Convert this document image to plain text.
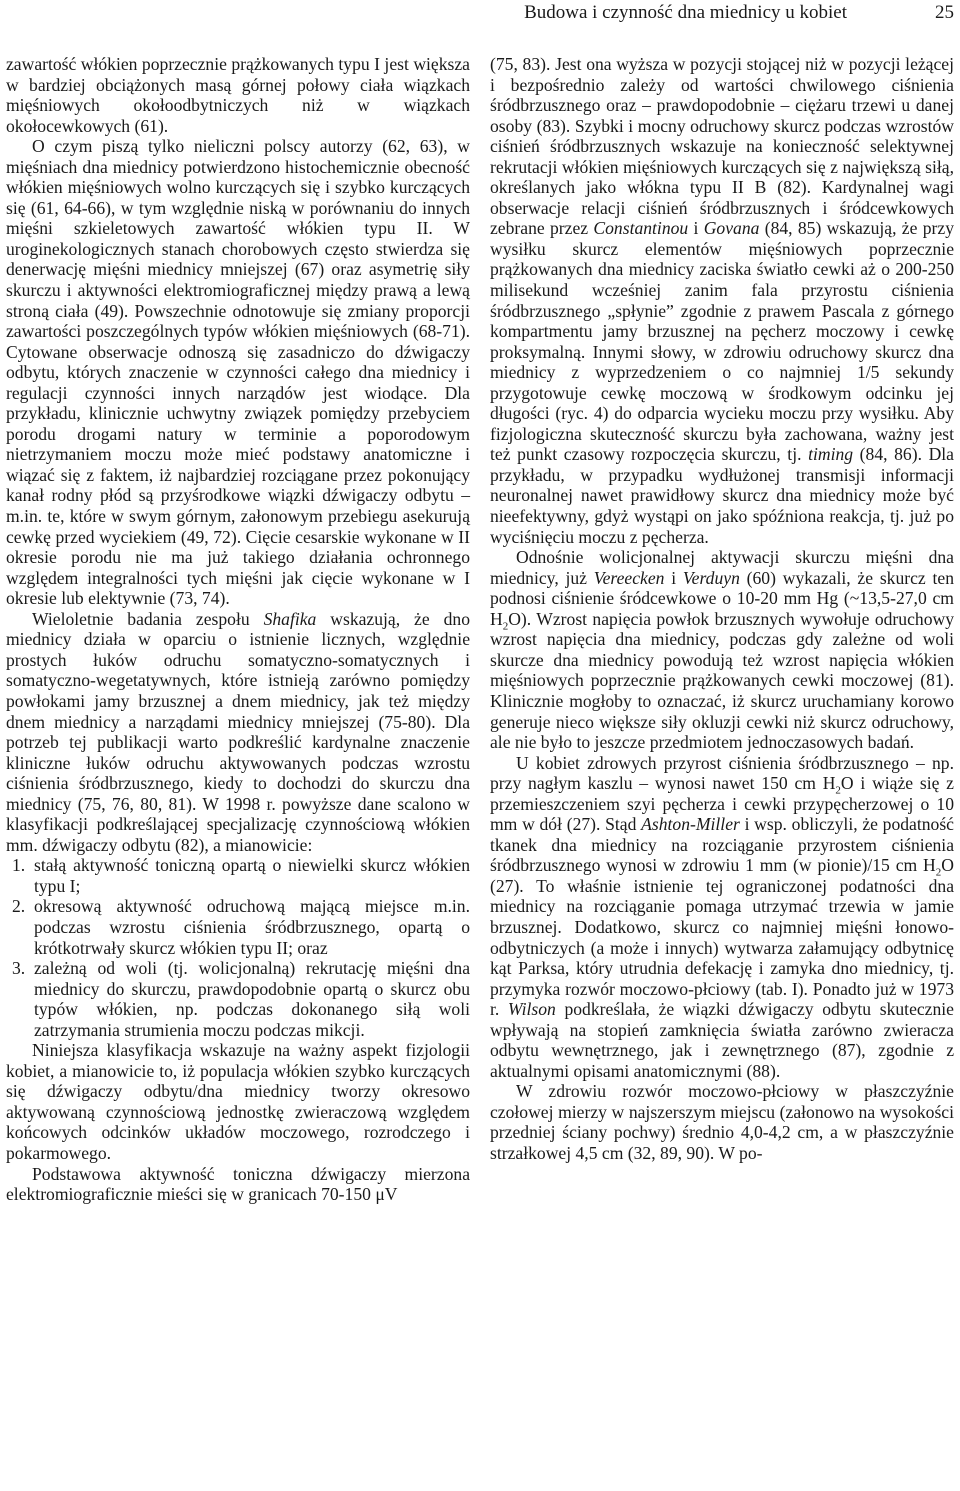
Budowa i czynność dna miednicy u kobiet	25

zawartość włókien poprzecznie prążkowanych typu I jest większa w bardziej obciążonych masą górnej połowy ciała wiązkach mięśniowych okołoodbytniczych niż w wiązkach okołocewkowych (61).

O czym piszą tylko nieliczni polscy autorzy (62, 63), w mięśniach dna miednicy potwierdzono histochemicznie obecność włókien mięśniowych wolno kurczących się i szybko kurczących się (61, 64-66), w tym względnie niską w porównaniu do innych mięśni szkieletowych zawartość włókien typu II. W uroginekologicznych stanach chorobowych często stwierdza się denerwację mięśni miednicy mniejszej (67) oraz asymetrię siły skurczu i aktywności elektromiograficznej między prawą a lewą stroną ciała (49). Powszechnie odnotowuje się zmiany proporcji zawartości poszczególnych typów włókien mięśniowych (68-71). Cytowane obserwacje odnoszą się zasadniczo do dźwigaczy odbytu, których znaczenie w czynności całego dna miednicy i regulacji czynności innych narządów jest wiodące. Dla przykładu, klinicznie uchwytny związek pomiędzy przebyciem porodu drogami natury w terminie a poporodowym nietrzymaniem moczu może mieć podstawy anatomiczne i wiązać się z faktem, iż najbardziej rozciągane przez pokonujący kanał rodny płód są przyśrodkowe wiązki dźwigaczy odbytu – m.in. te, które w swym górnym, załonowym przebiegu asekurują cewkę przed wyciekiem (49, 72). Cięcie cesarskie wykonane w II okresie porodu nie ma już takiego działania ochronnego względem integralności tych mięśni jak cięcie wykonane w I okresie lub elektywnie (73, 74).

Wieloletnie badania zespołu Shafika wskazują, że dno miednicy działa w oparciu o istnienie licznych, względnie prostych łuków odruchu somatyczno-somatycznych i somatyczno-wegetatywnych, które istnieją zarówno pomiędzy powłokami jamy brzusznej a dnem miednicy, jak też między dnem miednicy a narządami miednicy mniejszej (75-80). Dla potrzeb tej publikacji warto podkreślić kardynalne znaczenie kliniczne łuków odruchu aktywowanych podczas wzrostu ciśnienia śródbrzusznego, kiedy to dochodzi do skurczu dna miednicy (75, 76, 80, 81). W 1998 r. powyższe dane scalono w klasyfikacji podkreślającej specjalizację czynnościową włókien mm. dźwigaczy odbytu (82), a mianowicie:

1. stałą aktywność toniczną opartą o niewielki skurcz włókien typu I;
2. okresową aktywność odruchową mającą miejsce m.in. podczas wzrostu ciśnienia śródbrzusznego, opartą o krótkotrwały skurcz włókien typu II; oraz
3. zależną od woli (tj. wolicjonalną) rekrutację mięśni dna miednicy do skurczu, prawdopodobnie opartą o skurcz obu typów włókien, np. podczas dokonanego siłą woli zatrzymania strumienia moczu podczas mikcji.

Niniejsza klasyfikacja wskazuje na ważny aspekt fizjologii kobiet, a mianowicie to, iż populacja włókien szybko kurczących się dźwigaczy odbytu/dna miednicy tworzy okresowo aktywowaną czynnościową jednostkę zwieraczową względem końcowych odcinków układów moczowego, rozrodczego i pokarmowego.

Podstawowa aktywność toniczna dźwigaczy mierzona elektromiograficznie mieści się w granicach 70-150 μV

(75, 83). Jest ona wyższa w pozycji stojącej niż w pozycji leżącej i bezpośrednio zależy od wartości chwilowego ciśnienia śródbrzusznego oraz – prawdopodobnie – ciężaru trzewi u danej osoby (83). Szybki i mocny odruchowy skurcz podczas wzrostów ciśnień śródbrzusznych wskazuje na konieczność selektywnej rekrutacji włókien mięśniowych kurczących się z największą siłą, określanych jako włókna typu II B (82). Kardynalnej wagi obserwacje relacji ciśnień śródbrzusznych i śródcewkowych zebrane przez Constantinou i Govana (84, 85) wskazują, że przy wysiłku skurcz elementów mięśniowych poprzecznie prążkowanych dna miednicy zaciska światło cewki aż o 200-250 milisekund wcześniej zanim fala przyrostu ciśnienia śródbrzusznego „spłynie” zgodnie z prawem Pascala z górnego kompartmentu jamy brzusznej na pęcherz moczowy i cewkę proksymalną. Innymi słowy, w zdrowiu odruchowy skurcz dna miednicy z wyprzedzeniem o co najmniej 1/5 sekundy przygotowuje cewkę moczową w środkowym odcinku jej długości (ryc. 4) do odparcia wycieku moczu przy wysiłku. Aby fizjologiczna skuteczność skurczu była zachowana, ważny jest też punkt czasowy rozpoczęcia skurczu, tj. timing (84, 86). Dla przykładu, w przypadku wydłużonej transmisji informacji neuronalnej nawet prawidłowy skurcz dna miednicy może być nieefektywny, gdyż wystąpi on jako spóźniona reakcja, tj. już po wyciśnięciu moczu z pęcherza.

Odnośnie wolicjonalnej aktywacji skurczu mięśni dna miednicy, już Vereecken i Verduyn (60) wykazali, że skurcz ten podnosi ciśnienie śródcewkowe o 10-20 mm Hg (~13,5-27,0 cm $H_2O$). Wzrost napięcia powłok brzusznych wywołuje odruchowy wzrost napięcia dna miednicy, podczas gdy zależne od woli skurcze dna miednicy powodują też wzrost napięcia włókien mięśniowych poprzecznie prążkowanych cewki moczowej (81). Klinicznie mogłoby to oznaczać, iż skurcz uruchamiany korowo generuje nieco większe siły okluzji cewki niż skurcz odruchowy, ale nie było to jeszcze przedmiotem jednoczasowych badań.

U kobiet zdrowych przyrost ciśnienia śródbrzusznego – np. przy nagłym kaszlu – wynosi nawet 150 cm $H_2O$ i wiąże się z przemieszczeniem szyi pęcherza i cewki przypęcherzowej o 10 mm w dół (27). Stąd Ashton-Miller i wsp. obliczyli, że podatność tkanek dna miednicy na rozciąganie przyrostem ciśnienia śródbrzusznego wynosi w zdrowiu 1 mm (w pionie)/15 cm $H_2O$ (27). To właśnie istnienie tej ograniczonej podatności dna miednicy na rozciąganie pomaga utrzymać trzewia w jamie brzusznej. Dodatkowo, skurcz co najmniej mięśni łonowo-odbytniczych (a może i innych) wytwarza załamujący odbytnicę kąt Parksa, który utrudnia defekację i zamyka dno miednicy, tj. przymyka rozwór moczowo-płciowy (tab. I). Ponadto już w 1973 r. Wilson podkreślała, że wiązki dźwigaczy odbytu skutecznie wpływają na stopień zamknięcia światła zarówno zwieracza odbytu wewnętrznego, jak i zewnętrznego (87), zgodnie z aktualnymi opisami anatomicznymi (88).

W zdrowiu rozwór moczowo-płciowy w płaszczyźnie czołowej mierzy w najszerszym miejscu (załonowo na wysokości przedniej ściany pochwy) średnio 4,0-4,2 cm, a w płaszczyźnie strzałkowej 4,5 cm (32, 89, 90). W po-
